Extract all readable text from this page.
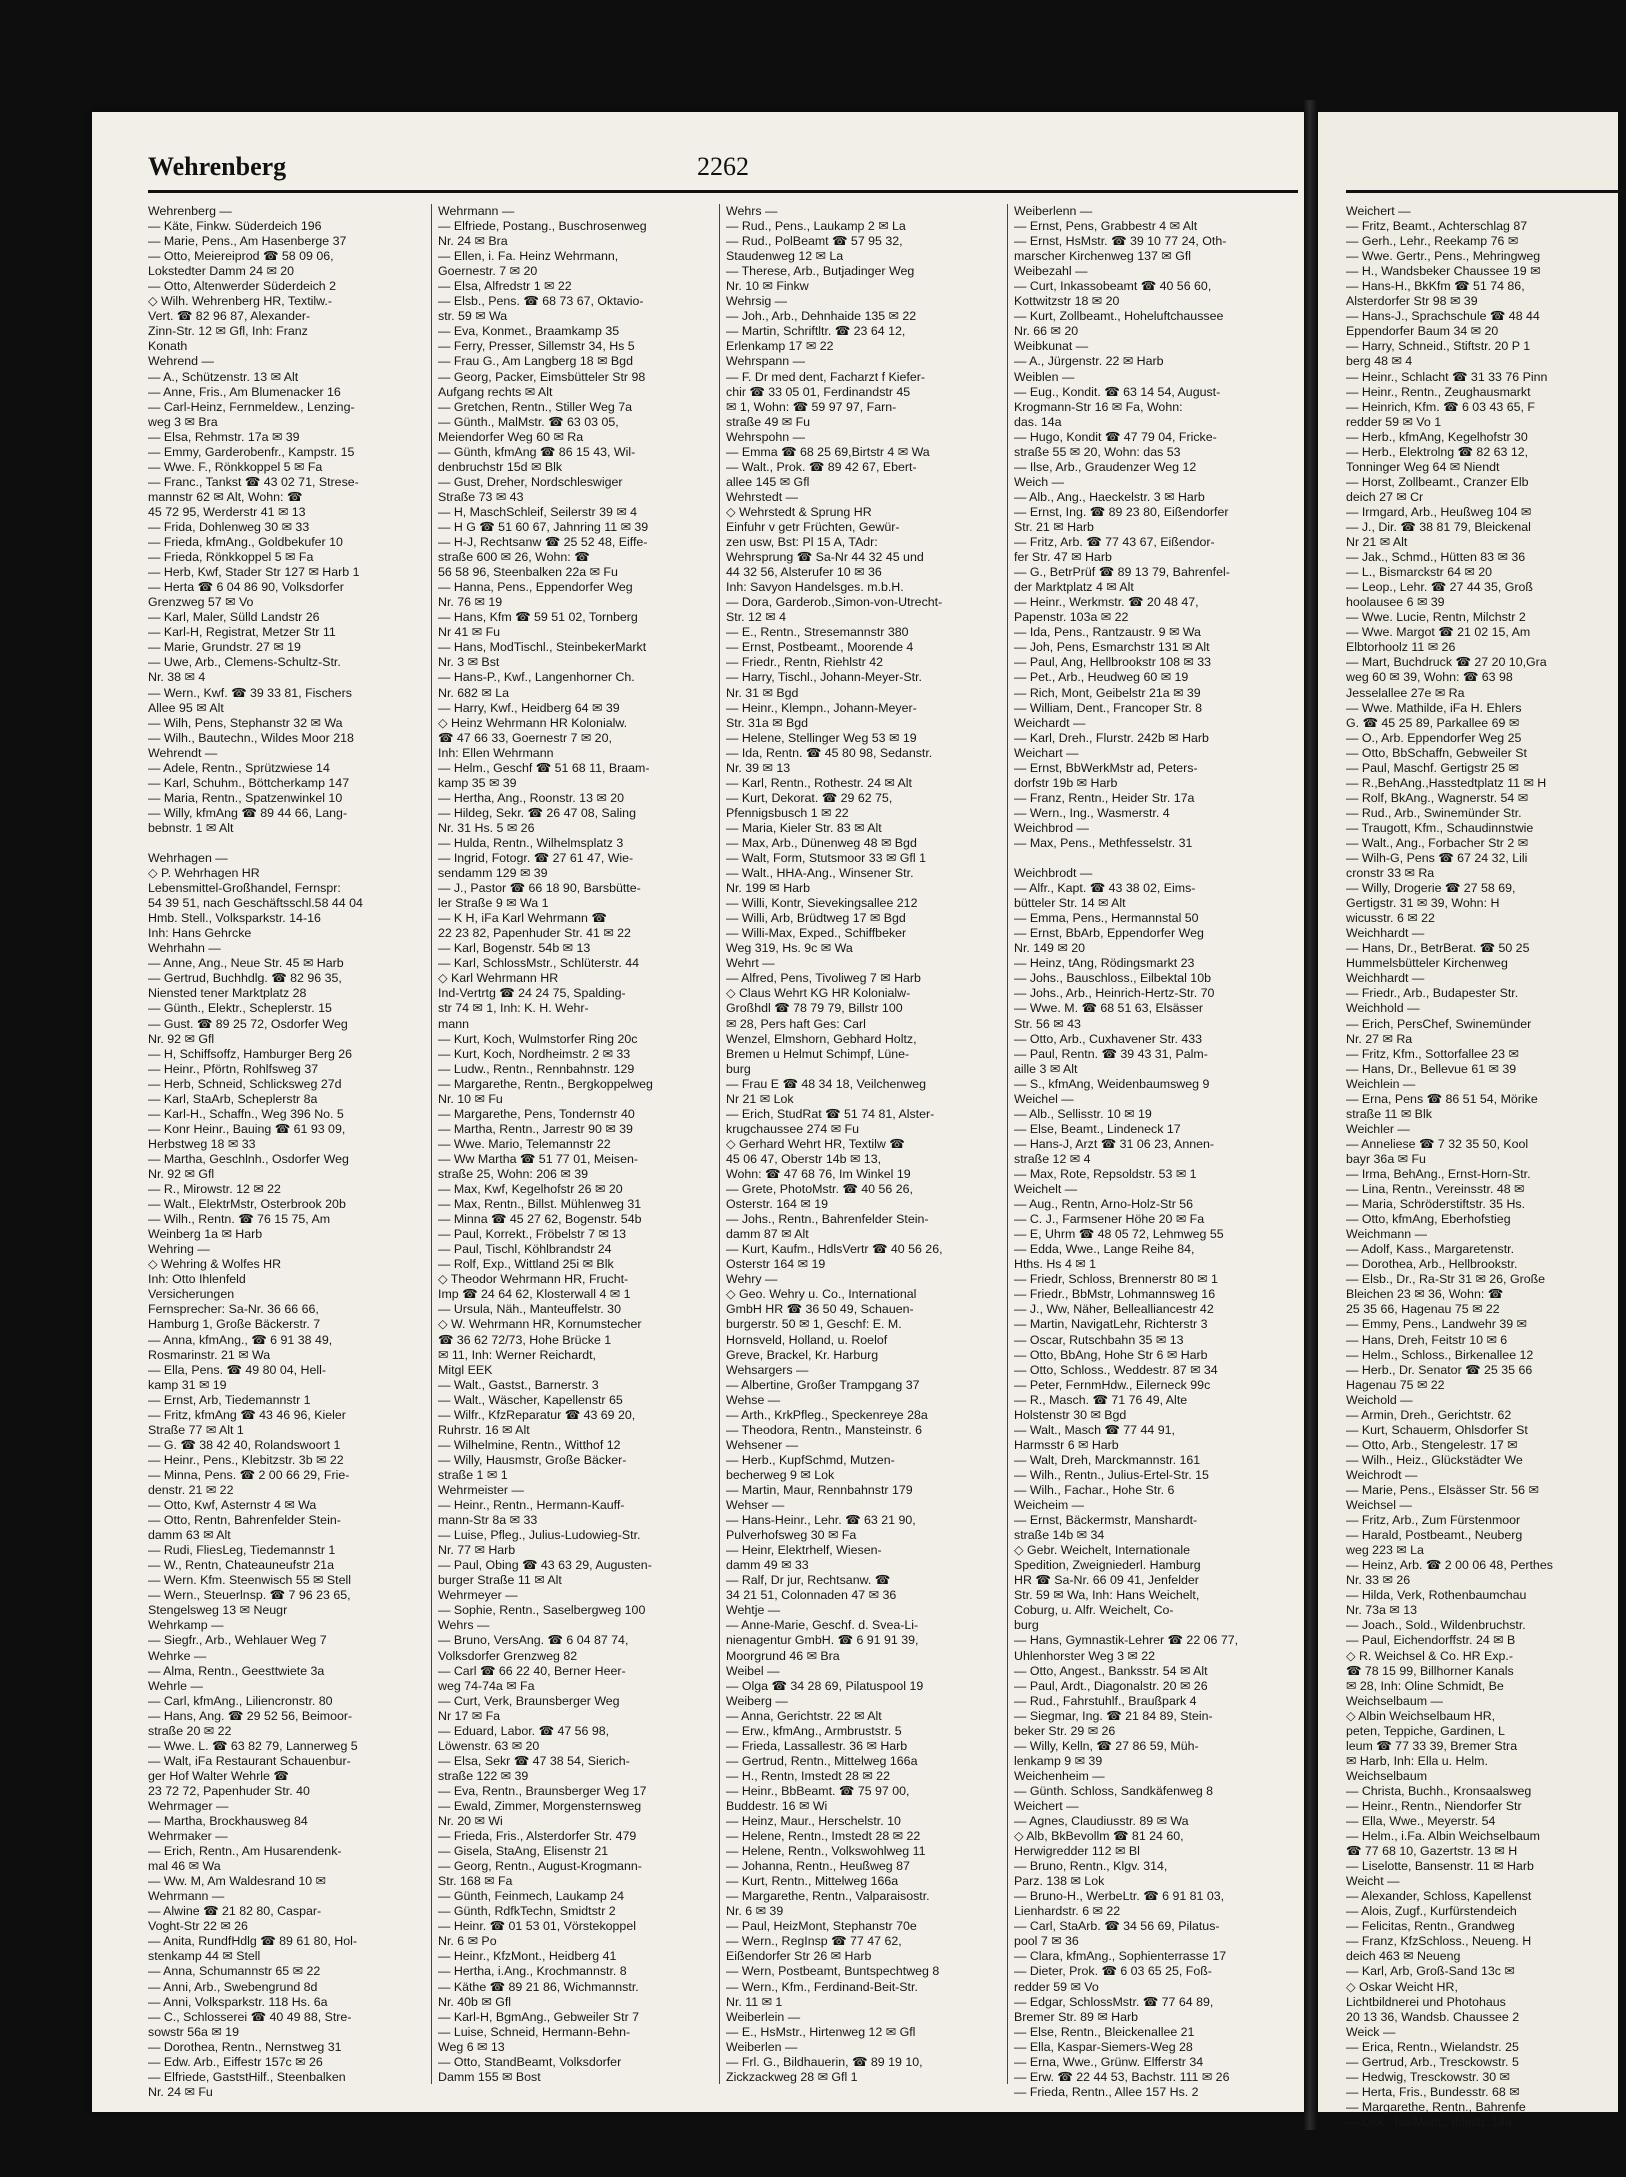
Wehrenberg	2262
Wehrenberg —
— Käte, Finkw. Süderdeich 196
— Marie, Pens., Am Hasenberge 37
— Otto, Meiereiprod ☎ 58 09 06,
Lokstedter Damm 24 ✉ 20
— Otto, Altenwerder Süderdeich 2
◇ Wilh. Wehrenberg HR, Textilw.-
Vert. ☎ 82 96 87, Alexander-
Zinn-Str. 12 ✉ Gfl, Inh: Franz
Konath
Wehrend —
— A., Schützenstr. 13 ✉ Alt
— Anne, Fris., Am Blumenacker 16
— Carl-Heinz, Fernmeldew., Lenzing-
weg 3 ✉ Bra
— Elsa, Rehmstr. 17a ✉ 39
— Emmy, Garderobenfr., Kampstr. 15
— Wwe. F., Rönkkoppel 5 ✉ Fa
— Franc., Tankst ☎ 43 02 71, Strese-
mannstr 62 ✉ Alt, Wohn: ☎
45 72 95, Werderstr 41 ✉ 13
— Frida, Dohlenweg 30 ✉ 33
— Frieda, kfmAng., Goldbekufer 10
— Frieda, Rönkkoppel 5 ✉ Fa
— Herb, Kwf, Stader Str 127 ✉ Harb 1
— Herta ☎ 6 04 86 90, Volksdorfer
Grenzweg 57 ✉ Vo
— Karl, Maler, Sülld Landstr 26
— Karl-H, Registrat, Metzer Str 11
— Marie, Grundstr. 27 ✉ 19
— Uwe, Arb., Clemens-Schultz-Str.
Nr. 38 ✉ 4
— Wern., Kwf. ☎ 39 33 81, Fischers
Allee 95 ✉ Alt
— Wilh, Pens, Stephanstr 32 ✉ Wa
— Wilh., Bautechn., Wildes Moor 218
Wehrendt —
— Adele, Rentn., Sprützwiese 14
— Karl, Schuhm., Böttcherkamp 147
— Maria, Rentn., Spatzenwinkel 10
— Willy, kfmAng ☎ 89 44 66, Lang-
bebnstr. 1 ✉ Alt

Wehrhagen —
◇ P. Wehrhagen HR
Lebensmittel-Großhandel, Fernspr:
54 39 51, nach Geschäftsschl.58 44 04
Hmb. Stell., Volksparkstr. 14-16
Inh: Hans Gehrcke
Wehrhahn —
— Anne, Ang., Neue Str. 45 ✉ Harb
— Gertrud, Buchhdlg. ☎ 82 96 35,
Niensted tener Marktplatz 28
— Günth., Elektr., Scheplerstr. 15
— Gust. ☎ 89 25 72, Osdorfer Weg
Nr. 92 ✉ Gfl
— H, Schiffsoffz, Hamburger Berg 26
— Heinr., Pförtn, Rohlfsweg 37
— Herb, Schneid, Schlicksweg 27d
— Karl, StaArb, Scheplerstr 8a
— Karl-H., Schaffn., Weg 396 No. 5
— Konr Heinr., Bauing ☎ 61 93 09,
Herbstweg 18 ✉ 33
— Martha, Geschlnh., Osdorfer Weg
Nr. 92 ✉ Gfl
— R., Mirowstr. 12 ✉ 22
— Walt., ElektrMstr, Osterbrook 20b
— Wilh., Rentn. ☎ 76 15 75, Am
Weinberg 1a ✉ Harb
Wehring —
◇ Wehring & Wolfes HR
Inh: Otto Ihlenfeld
Versicherungen
Fernsprecher: Sa-Nr. 36 66 66,
Hamburg 1, Große Bäckerstr. 7
— Anna, kfmAng., ☎ 6 91 38 49,
Rosmarinstr. 21 ✉ Wa
— Ella, Pens. ☎ 49 80 04, Hell-
kamp 31 ✉ 19
— Ernst, Arb, Tiedemannstr 1
— Fritz, kfmAng ☎ 43 46 96, Kieler
Straße 77 ✉ Alt 1
— G. ☎ 38 42 40, Rolandswoort 1
— Heinr., Pens., Klebitzstr. 3b ✉ 22
— Minna, Pens. ☎ 2 00 66 29, Frie-
denstr. 21 ✉ 22
— Otto, Kwf, Asternstr 4 ✉ Wa
— Otto, Rentn, Bahrenfelder Stein-
damm 63 ✉ Alt
— Rudi, FliesLeg, Tiedemannstr 1
— W., Rentn, Chateauneufstr 21a
— Wern. Kfm. Steenwisch 55 ✉ Stell
— Wern., Steuerlnsp. ☎ 7 96 23 65,
Stengelsweg 13 ✉ Neugr
Wehrkamp —
— Siegfr., Arb., Wehlauer Weg 7
Wehrke —
— Alma, Rentn., Geesttwiete 3a
Wehrle —
— Carl, kfmAng., Liliencronstr. 80
— Hans, Ang. ☎ 29 52 56, Beimoor-
straße 20 ✉ 22
— Wwe. L. ☎ 63 82 79, Lannerweg 5
— Walt, iFa Restaurant Schauenbur-
ger Hof Walter Wehrle ☎
23 72 72, Papenhuder Str. 40
Wehrmager —
— Martha, Brockhausweg 84
Wehrmaker —
— Erich, Rentn., Am Husarendenk-
mal 46 ✉ Wa
— Ww. M, Am Waldesrand 10 ✉
Wehrmann —
— Alwine ☎ 21 82 80, Caspar-
Voght-Str 22 ✉ 26
— Anita, RundfHdlg ☎ 89 61 80, Hol-
stenkamp 44 ✉ Stell
— Anna, Schumannstr 65 ✉ 22
— Anni, Arb., Swebengrund 8d
— Anni, Volksparkstr. 118 Hs. 6a
— C., Schlosserei ☎ 40 49 88, Stre-
sowstr 56a ✉ 19
— Dorothea, Rentn., Nernstweg 31
— Edw. Arb., Eiffestr 157c ✉ 26
— Elfriede, GaststHilf., Steenbalken
Nr. 24 ✉ Fu
Wehrmann —
— Elfriede, Postang., Buschrosenweg
Nr. 24 ✉ Bra
— Ellen, i. Fa. Heinz Wehrmann,
Goernestr. 7 ✉ 20
— Elsa, Alfredstr 1 ✉ 22
— Elsb., Pens. ☎ 68 73 67, Oktavio-
str. 59 ✉ Wa
— Eva, Konmet., Braamkamp 35
— Ferry, Presser, Sillemstr 34, Hs 5
— Frau G., Am Langberg 18 ✉ Bgd
— Georg, Packer, Eimsbütteler Str 98
Aufgang rechts ✉ Alt
— Gretchen, Rentn., Stiller Weg 7a
— Günth., MalMstr. ☎ 63 03 05,
Meiendorfer Weg 60 ✉ Ra
— Günth, kfmAng ☎ 86 15 43, Wil-
denbruchstr 15d ✉ Blk
— Gust, Dreher, Nordschleswiger
Straße 73 ✉ 43
— H, MaschSchleif, Seilerstr 39 ✉ 4
— H G ☎ 51 60 67, Jahnring 11 ✉ 39
— H-J, Rechtsanw ☎ 25 52 48, Eiffe-
straße 600 ✉ 26, Wohn: ☎
56 58 96, Steenbalken 22a ✉ Fu
— Hanna, Pens., Eppendorfer Weg
Nr. 76 ✉ 19
— Hans, Kfm ☎ 59 51 02, Tornberg
Nr 41 ✉ Fu
— Hans, ModTischl., SteinbekerMarkt
Nr. 3 ✉ Bst
— Hans-P., Kwf., Langenhorner Ch.
Nr. 682 ✉ La
— Harry, Kwf., Heidberg 64 ✉ 39
◇ Heinz Wehrmann HR Kolonialw.
☎ 47 66 33, Goernestr 7 ✉ 20,
Inh: Ellen Wehrmann
— Helm., Geschf ☎ 51 68 11, Braam-
kamp 35 ✉ 39
— Hertha, Ang., Roonstr. 13 ✉ 20
— Hildeg, Sekr. ☎ 26 47 08, Saling
Nr. 31 Hs. 5 ✉ 26
— Hulda, Rentn., Wilhelmsplatz 3
— Ingrid, Fotogr. ☎ 27 61 47, Wie-
sendamm 129 ✉ 39
— J., Pastor ☎ 66 18 90, Barsbütte-
ler Straße 9 ✉ Wa 1
— K H, iFa Karl Wehrmann ☎
22 23 82, Papenhuder Str. 41 ✉ 22
— Karl, Bogenstr. 54b ✉ 13
— Karl, SchlossMstr., Schlüterstr. 44
◇ Karl Wehrmann HR
Ind-Vertrtg ☎ 24 24 75, Spalding-
str 74 ✉ 1, Inh: K. H. Wehr-
mann
— Kurt, Koch, Wulmstorfer Ring 20c
— Kurt, Koch, Nordheimstr. 2 ✉ 33
— Ludw., Rentn., Rennbahnstr. 129
— Margarethe, Rentn., Bergkoppelweg
Nr. 10 ✉ Fu
— Margarethe, Pens, Tondernstr 40
— Martha, Rentn., Jarrestr 90 ✉ 39
— Wwe. Mario, Telemannstr 22
— Ww Martha ☎ 51 77 01, Meisen-
straße 25, Wohn: 206 ✉ 39
— Max, Kwf, Kegelhofstr 26 ✉ 20
— Max, Rentn., Billst. Mühlenweg 31
— Minna ☎ 45 27 62, Bogenstr. 54b
— Paul, Korrekt., Fröbelstr 7 ✉ 13
— Paul, Tischl, Köhlbrandstr 24
— Rolf, Exp., Wittland 25i ✉ Blk
◇ Theodor Wehrmann HR, Frucht-
Imp ☎ 24 64 62, Klosterwall 4 ✉ 1
— Ursula, Näh., Manteuffelstr. 30
◇ W. Wehrmann HR, Kornumstecher
☎ 36 62 72/73, Hohe Brücke 1
✉ 11, Inh: Werner Reichardt,
Mitgl EEK
— Walt., Gastst., Barnerstr. 3
— Walt., Wäscher, Kapellenstr 65
— Wilfr., KfzReparatur ☎ 43 69 20,
Ruhrstr. 16 ✉ Alt
— Wilhelmine, Rentn., Witthof 12
— Willy, Hausmstr, Große Bäcker-
straße 1 ✉ 1
Wehrmeister —
— Heinr., Rentn., Hermann-Kauff-
mann-Str 8a ✉ 33
— Luise, Pfleg., Julius-Ludowieg-Str.
Nr. 77 ✉ Harb
— Paul, Obing ☎ 43 63 29, Augusten-
burger Straße 11 ✉ Alt
Wehrmeyer —
— Sophie, Rentn., Saselbergweg 100
Wehrs —
— Bruno, VersAng. ☎ 6 04 87 74,
Volksdorfer Grenzweg 82
— Carl ☎ 66 22 40, Berner Heer-
weg 74-74a ✉ Fa
— Curt, Verk, Braunsberger Weg
Nr 17 ✉ Fa
— Eduard, Labor. ☎ 47 56 98,
Löwenstr. 63 ✉ 20
— Elsa, Sekr ☎ 47 38 54, Sierich-
straße 122 ✉ 39
— Eva, Rentn., Braunsberger Weg 17
— Ewald, Zimmer, Morgensternsweg
Nr. 20 ✉ Wi
— Frieda, Fris., Alsterdorfer Str. 479
— Gisela, StaAng, Elisenstr 21
— Georg, Rentn., August-Krogmann-
Str. 168 ✉ Fa
— Günth, Feinmech, Laukamp 24
— Günth, RdfkTechn, Smidtstr 2
— Heinr. ☎ 01 53 01, Vörstekoppel
Nr. 6 ✉ Po
— Heinr., KfzMont., Heidberg 41
— Hertha, i.Ang., Krochmannstr. 8
— Käthe ☎ 89 21 86, Wichmannstr.
Nr. 40b ✉ Gfl
— Karl-H, BgmAng., Gebweiler Str 7
— Luise, Schneid, Hermann-Behn-
Weg 6 ✉ 13
— Otto, StandBeamt, Volksdorfer
Damm 155 ✉ Bost
Wehrs —
— Rud., Pens., Laukamp 2 ✉ La
— Rud., PolBeamt ☎ 57 95 32,
Staudenweg 12 ✉ La
— Therese, Arb., Butjadinger Weg
Nr. 10 ✉ Finkw
Wehrsig —
— Joh., Arb., Dehnhaide 135 ✉ 22
— Martin, Schriftltr. ☎ 23 64 12,
Erlenkamp 17 ✉ 22
Wehrspann —
— F. Dr med dent, Facharzt f Kiefer-
chir ☎ 33 05 01, Ferdinandstr 45
✉ 1, Wohn: ☎ 59 97 97, Farn-
straße 49 ✉ Fu
Wehrspohn —
— Emma ☎ 68 25 69,Birtstr 4 ✉ Wa
— Walt., Prok. ☎ 89 42 67, Ebert-
allee 145 ✉ Gfl
Wehrstedt —
◇ Wehrstedt & Sprung HR
Einfuhr v getr Früchten, Gewür-
zen usw, Bst: Pl 15 A, TAdr:
Wehrsprung ☎ Sa-Nr 44 32 45 und
44 32 56, Alsterufer 10 ✉ 36
Inh: Savyon Handelsges. m.b.H.
— Dora, Garderob.,Simon-von-Utrecht-
Str. 12 ✉ 4
— E., Rentn., Stresemannstr 380
— Ernst, Postbeamt., Moorende 4
— Friedr., Rentn, Riehlstr 42
— Harry, Tischl., Johann-Meyer-Str.
Nr. 31 ✉ Bgd
— Heinr., Klempn., Johann-Meyer-
Str. 31a ✉ Bgd
— Helene, Stellinger Weg 53 ✉ 19
— Ida, Rentn. ☎ 45 80 98, Sedanstr.
Nr. 39 ✉ 13
— Karl, Rentn., Rothestr. 24 ✉ Alt
— Kurt, Dekorat. ☎ 29 62 75,
Pfennigsbusch 1 ✉ 22
— Maria, Kieler Str. 83 ✉ Alt
— Max, Arb., Dünenweg 48 ✉ Bgd
— Walt, Form, Stutsmoor 33 ✉ Gfl 1
— Walt., HHA-Ang., Winsener Str.
Nr. 199 ✉ Harb
— Willi, Kontr, Sievekingsallee 212
— Willi, Arb, Brüdtweg 17 ✉ Bgd
— Willi-Max, Exped., Schiffbeker
Weg 319, Hs. 9c ✉ Wa
Wehrt —
— Alfred, Pens, Tivoliweg 7 ✉ Harb
◇ Claus Wehrt KG HR Kolonialw-
Großhdl ☎ 78 79 79, Billstr 100
✉ 28, Pers haft Ges: Carl
Wenzel, Elmshorn, Gebhard Holtz,
Bremen u Helmut Schimpf, Lüne-
burg
— Frau E ☎ 48 34 18, Veilchenweg
Nr 21 ✉ Lok
— Erich, StudRat ☎ 51 74 81, Alster-
krugchaussee 274 ✉ Fu
◇ Gerhard Wehrt HR, Textilw ☎
45 06 47, Oberstr 14b ✉ 13,
Wohn: ☎ 47 68 76, Im Winkel 19
— Grete, PhotoMstr. ☎ 40 56 26,
Osterstr. 164 ✉ 19
— Johs., Rentn., Bahrenfelder Stein-
damm 87 ✉ Alt
— Kurt, Kaufm., HdlsVertr ☎ 40 56 26,
Osterstr 164 ✉ 19
Wehry —
◇ Geo. Wehry u. Co., International
GmbH HR ☎ 36 50 49, Schauen-
burgerstr. 50 ✉ 1, Geschf: E. M.
Hornsveld, Holland, u. Roelof
Greve, Brackel, Kr. Harburg
Wehsargers —
— Albertine, Großer Trampgang 37
Wehse —
— Arth., KrkPfleg., Speckenreye 28a
— Theodora, Rentn., Mansteinstr. 6
Wehsener —
— Herb., KupfSchmd, Mutzen-
becherweg 9 ✉ Lok
— Martin, Maur, Rennbahnstr 179
Wehser —
— Hans-Heinr., Lehr. ☎ 63 21 90,
Pulverhofsweg 30 ✉ Fa
— Heinr, Elektrhelf, Wiesen-
damm 49 ✉ 33
— Ralf, Dr jur, Rechtsanw. ☎
34 21 51, Colonnaden 47 ✉ 36
Wehtje —
— Anne-Marie, Geschf. d. Svea-Li-
nienagentur GmbH. ☎ 6 91 91 39,
Moorgrund 46 ✉ Bra
Weibel —
— Olga ☎ 34 28 69, Pilatuspool 19
Weiberg —
— Anna, Gerichtstr. 22 ✉ Alt
— Erw., kfmAng., Armbruststr. 5
— Frieda, Lassallestr. 36 ✉ Harb
— Gertrud, Rentn., Mittelweg 166a
— H., Rentn, Imstedt 28 ✉ 22
— Heinr., BbBeamt. ☎ 75 97 00,
Buddestr. 16 ✉ Wi
— Heinz, Maur., Herschelstr. 10
— Helene, Rentn., Imstedt 28 ✉ 22
— Helene, Rentn., Volkswohlweg 11
— Johanna, Rentn., Heußweg 87
— Kurt, Rentn., Mittelweg 166a
— Margarethe, Rentn., Valparaisostr.
Nr. 6 ✉ 39
— Paul, HeizMont, Stephanstr 70e
— Wern., RegInsp ☎ 77 47 62,
Eißendorfer Str 26 ✉ Harb
— Wern, Postbeamt, Buntspechtweg 8
— Wern., Kfm., Ferdinand-Beit-Str.
Nr. 11 ✉ 1
Weiberlein —
— E., HsMstr., Hirtenweg 12 ✉ Gfl
Weiberlen —
— Frl. G., Bildhauerin, ☎ 89 19 10,
Zickzackweg 28 ✉ Gfl 1
Weiberlenn —
— Ernst, Pens, Grabbestr 4 ✉ Alt
— Ernst, HsMstr. ☎ 39 10 77 24, Oth-
marscher Kirchenweg 137 ✉ Gfl
Weibezahl —
— Curt, Inkassobeamt ☎ 40 56 60,
Kottwitzstr 18 ✉ 20
— Kurt, Zollbeamt., Hoheluftchaussee
Nr. 66 ✉ 20
Weibkunat —
— A., Jürgenstr. 22 ✉ Harb
Weiblen —
— Eug., Kondit. ☎ 63 14 54, August-
Krogmann-Str 16 ✉ Fa, Wohn:
das. 14a
— Hugo, Kondit ☎ 47 79 04, Fricke-
straße 55 ✉ 20, Wohn: das 53
— Ilse, Arb., Graudenzer Weg 12
Weich —
— Alb., Ang., Haeckelstr. 3 ✉ Harb
— Ernst, Ing. ☎ 89 23 80, Eißendorfer
Str. 21 ✉ Harb
— Fritz, Arb. ☎ 77 43 67, Eißendor-
fer Str. 47 ✉ Harb
— G., BetrPrüf ☎ 89 13 79, Bahrenfel-
der Marktplatz 4 ✉ Alt
— Heinr., Werkmstr. ☎ 20 48 47,
Papenstr. 103a ✉ 22
— Ida, Pens., Rantzaustr. 9 ✉ Wa
— Joh, Pens, Esmarchstr 131 ✉ Alt
— Paul, Ang, Hellbrookstr 108 ✉ 33
— Pet., Arb., Heudweg 60 ✉ 19
— Rich, Mont, Geibelstr 21a ✉ 39
— William, Dent., Francoper Str. 8
Weichardt —
— Karl, Dreh., Flurstr. 242b ✉ Harb
Weichart —
— Ernst, BbWerkMstr ad, Peters-
dorfstr 19b ✉ Harb
— Franz, Rentn., Heider Str. 17a
— Wern., Ing., Wasmerstr. 4
Weichbrod —
— Max, Pens., Methfesselstr. 31

Weichbrodt —
— Alfr., Kapt. ☎ 43 38 02, Eims-
bütteler Str. 14 ✉ Alt
— Emma, Pens., Hermannstal 50
— Ernst, BbArb, Eppendorfer Weg
Nr. 149 ✉ 20
— Heinz, tAng, Rödingsmarkt 23
— Johs., Bauschloss., Eilbektal 10b
— Johs., Arb., Heinrich-Hertz-Str. 70
— Wwe. M. ☎ 68 51 63, Elsässer
Str. 56 ✉ 43
— Otto, Arb., Cuxhavener Str. 433
— Paul, Rentn. ☎ 39 43 31, Palm-
aille 3 ✉ Alt
— S., kfmAng, Weidenbaumsweg 9
Weichel —
— Alb., Sellisstr. 10 ✉ 19
— Else, Beamt., Lindeneck 17
— Hans-J, Arzt ☎ 31 06 23, Annen-
straße 12 ✉ 4
— Max, Rote, Repsoldstr. 53 ✉ 1
Weichelt —
— Aug., Rentn, Arno-Holz-Str 56
— C. J., Farmsener Höhe 20 ✉ Fa
— E, Uhrm ☎ 48 05 72, Lehmweg 55
— Edda, Wwe., Lange Reihe 84,
Hths. Hs 4 ✉ 1
— Friedr, Schloss, Brennerstr 80 ✉ 1
— Friedr., BbMstr, Lohmannsweg 16
— J., Ww, Näher, Bellealliancestr 42
— Martin, NavigatLehr, Richterstr 3
— Oscar, Rutschbahn 35 ✉ 13
— Otto, BbAng, Hohe Str 6 ✉ Harb
— Otto, Schloss., Weddestr. 87 ✉ 34
— Peter, FernmHdw., Eilerneck 99c
— R., Masch. ☎ 71 76 49, Alte
Holstenstr 30 ✉ Bgd
— Walt., Masch ☎ 77 44 91,
Harmsstr 6 ✉ Harb
— Walt, Dreh, Marckmannstr. 161
— Wilh., Rentn., Julius-Ertel-Str. 15
— Wilh., Fachar., Hohe Str. 6
Weicheim —
— Ernst, Bäckermstr, Manshardt-
straße 14b ✉ 34
◇ Gebr. Weichelt, Internationale
Spedition, Zweigniederl. Hamburg
HR ☎ Sa-Nr. 66 09 41, Jenfelder
Str. 59 ✉ Wa, Inh: Hans Weichelt,
Coburg, u. Alfr. Weichelt, Co-
burg
— Hans, Gymnastik-Lehrer ☎ 22 06 77,
Uhlenhorster Weg 3 ✉ 22
— Otto, Angest., Banksstr. 54 ✉ Alt
— Paul, Ardt., Diagonalstr. 20 ✉ 26
— Rud., Fahrstuhlf., Braußpark 4
— Siegmar, Ing. ☎ 21 84 89, Stein-
beker Str. 29 ✉ 26
— Willy, Kelln, ☎ 27 86 59, Müh-
lenkamp 9 ✉ 39
Weichenheim —
— Günth. Schloss, Sandkäfenweg 8
Weichert —
— Agnes, Claudiusstr. 89 ✉ Wa
◇ Alb, BkBevollm ☎ 81 24 60,
Herwigredder 112 ✉ Bl
— Bruno, Rentn., Klgv. 314,
Parz. 138 ✉ Lok
— Bruno-H., WerbeLtr. ☎ 6 91 81 03,
Lienhardstr. 6 ✉ 22
— Carl, StaArb. ☎ 34 56 69, Pilatus-
pool 7 ✉ 36
— Clara, kfmAng., Sophienterrasse 17
— Dieter, Prok. ☎ 6 03 65 25, Foß-
redder 59 ✉ Vo
— Edgar, SchlossMstr. ☎ 77 64 89,
Bremer Str. 89 ✉ Harb
— Else, Rentn., Bleickenallee 21
— Ella, Kaspar-Siemers-Weg 28
— Erna, Wwe., Grünw. Elfferstr 34
— Erw. ☎ 22 44 53, Bachstr. 111 ✉ 26
— Frieda, Rentn., Allee 157 Hs. 2
Weichert —
— Fritz, Beamt., Achterschlag 87
— Gerh., Lehr., Reekamp 76 ✉
— Wwe. Gertr., Pens., Mehringweg
— H., Wandsbeker Chaussee 19 ✉
— Hans-H., BkKfm ☎ 51 74 86,
Alsterdorfer Str 98 ✉ 39
— Hans-J., Sprachschule ☎ 48 44
Eppendorfer Baum 34 ✉ 20
— Harry, Schneid., Stiftstr. 20 P 1
berg 48 ✉ 4
— Heinr., Schlacht ☎ 31 33 76 Pinn
— Heinr., Rentn., Zeughausmarkt
— Heinrich, Kfm. ☎ 6 03 43 65, F
redder 59 ✉ Vo 1
— Herb., kfmAng, Kegelhofstr 30
— Herb., Elektrolng ☎ 82 63 12,
Tonninger Weg 64 ✉ Niendt
— Horst, Zollbeamt., Cranzer Elb
deich 27 ✉ Cr
— Irmgard, Arb., Heußweg 104 ✉
— J., Dir. ☎ 38 81 79, Bleickenal
Nr 21 ✉ Alt
— Jak., Schmd., Hütten 83 ✉ 36
— L., Bismarckstr 64 ✉ 20
— Leop., Lehr. ☎ 27 44 35, Groß
hoolausee 6 ✉ 39
— Wwe. Lucie, Rentn, Milchstr 2
— Wwe. Margot ☎ 21 02 15, Am
Elbtorhoolz 11 ✉ 26
— Mart, Buchdruck ☎ 27 20 10,Gra
weg 60 ✉ 39, Wohn: ☎ 63 98
Jesselallee 27e ✉ Ra
— Wwe. Mathilde, iFa H. Ehlers
G. ☎ 45 25 89, Parkallee 69 ✉
— O., Arb. Eppendorfer Weg 25
— Otto, BbSchaffn, Gebweiler St
— Paul, Maschf. Gertigstr 25 ✉
— R.,BehAng.,Hasstedtplatz 11 ✉ H
— Rolf, BkAng., Wagnerstr. 54 ✉
— Rud., Arb., Swinemünder Str.
— Traugott, Kfm., Schaudinnstwie
— Walt., Ang., Forbacher Str 2 ✉
— Wilh-G, Pens ☎ 67 24 32, Lili
cronstr 33 ✉ Ra
— Willy, Drogerie ☎ 27 58 69,
Gertigstr. 31 ✉ 39, Wohn: H
wicusstr. 6 ✉ 22
Weichhardt —
— Hans, Dr., BetrBerat. ☎ 50 25
Hummelsbütteler Kirchenweg
Weichhardt —
— Friedr., Arb., Budapester Str.
Weichhold —
— Erich, PersChef, Swinemünder
Nr. 27 ✉ Ra
— Fritz, Kfm., Sottorfallee 23 ✉
— Hans, Dr., Bellevue 61 ✉ 39
Weichlein —
— Erna, Pens ☎ 86 51 54, Mörike
straße 11 ✉ Blk
Weichler —
— Anneliese ☎ 7 32 35 50, Kool
bayr 36a ✉ Fu
— Irma, BehAng., Ernst-Horn-Str.
— Lina, Rentn., Vereinsstr. 48 ✉
— Maria, Schröderstiftstr. 35 Hs.
— Otto, kfmAng, Eberhofstieg
Weichmann —
— Adolf, Kass., Margaretenstr.
— Dorothea, Arb., Hellbrookstr.
— Elsb., Dr., Ra-Str 31 ✉ 26, Große
Bleichen 23 ✉ 36, Wohn: ☎
25 35 66, Hagenau 75 ✉ 22
— Emmy, Pens., Landwehr 39 ✉
— Hans, Dreh, Feitstr 10 ✉ 6
— Helm., Schloss., Birkenallee 12
— Herb., Dr. Senator ☎ 25 35 66
Hagenau 75 ✉ 22
Weichold —
— Armin, Dreh., Gerichtstr. 62
— Kurt, Schauerm, Ohlsdorfer St
— Otto, Arb., Stengelestr. 17 ✉
— Wilh., Heiz., Glückstädter We
Weichrodt —
— Marie, Pens., Elsässer Str. 56 ✉
Weichsel —
— Fritz, Arb., Zum Fürstenmoor
— Harald, Postbeamt., Neuberg
weg 223 ✉ La
— Heinz, Arb. ☎ 2 00 06 48, Perthes
Nr. 33 ✉ 26
— Hilda, Verk, Rothenbaumchau
Nr. 73a ✉ 13
— Joach., Sold., Wildenbruchstr.
— Paul, Eichendorffstr. 24 ✉ B
◇ R. Weichsel & Co. HR Exp.-
☎ 78 15 99, Billhorner Kanals
✉ 28, Inh: Oline Schmidt, Be
Weichselbaum —
◇ Albin Weichselbaum HR,
peten, Teppiche, Gardinen, L
leum ☎ 77 33 39, Bremer Stra
✉ Harb, Inh: Ella u. Helm.
Weichselbaum
— Christa, Buchh., Kronsaalsweg
— Heinr., Rentn., Niendorfer Str
— Ella, Wwe., Meyerstr. 54
— Helm., i.Fa. Albin Weichselbaum
☎ 77 68 10, Gazertstr. 13 ✉ H
— Liselotte, Bansenstr. 11 ✉ Harb
Weicht —
— Alexander, Schloss, Kapellenst
— Alois, Zugf., Kurfürstendeich
— Felicitas, Rentn., Grandweg
— Franz, KfzSchloss., Neueng. H
deich 463 ✉ Neueng
— Karl, Arb, Groß-Sand 13c ✉
◇ Oskar Weicht HR,
Lichtbildnerei und Photohaus
20 13 36, Wandsb. Chaussee 2
Weick —
— Erica, Rentn., Wielandstr. 25
— Gertrud, Arb., Tresckowstr. 5
— Hedwig, Tresckowstr. 30 ✉
— Herta, Fris., Bundesstr. 68 ✉
— Margarethe, Rentn., Bahrenfe
— Osk., IsolMont., Ihlestr. 14a
